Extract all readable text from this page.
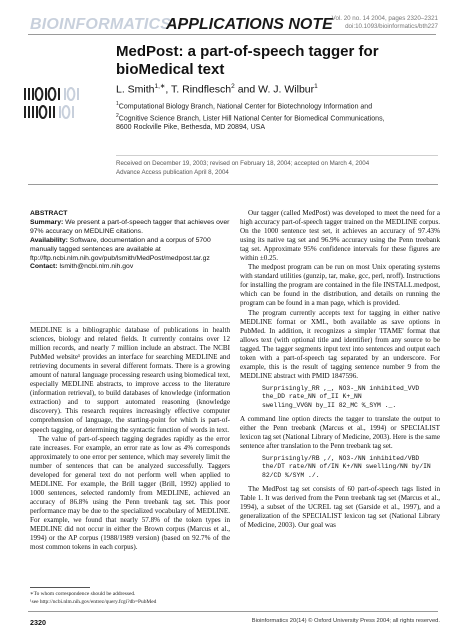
BIOINFORMATICS
APPLICATIONS NOTE
Vol. 20 no. 14 2004, pages 2320–2321
doi:10.1093/bioinformatics/bth227
MedPost: a part-of-speech tagger for
bioMedical text
L. Smith$^{1,∗}$, T. Rindflesch$^2$ and W. J. Wilbur$^1$
$^1$Computational Biology Branch, National Center for Biotechnology Information and
$^2$Cognitive Science Branch, Lister Hill National Center for Biomedical Communications,
8600 Rockville Pike, Bethesda, MD 20894, USA
Received on December 19, 2003; revised on February 18, 2004; accepted on March 4, 2004
Advance Access publication April 8, 2004

ABSTRACT

Summary: We present a part-of-speech tagger that achieves over 97% accuracy on MEDLINE citations.

Availability: Software, documentation and a corpus of 5700 manually tagged sentences are available at ftp://ftp.ncbi.nlm.nih.gov/pub/lsmith/MedPost/medpost.tar.gz

Contact: lsmith@ncbi.nlm.nih.gov

MEDLINE is a bibliographic database of publications in health sciences, biology and related fields. It currently contains over 12 million records, and nearly 7 million include an abstract. The NCBI PubMed website¹ provides an interface for searching MEDLINE and retrieving documents in several different formats. There is a growing amount of natural language processing research using biomedical text, especially MEDLINE abstracts, to improve access to the literature (information retrieval), to build databases of knowledge (information extraction) and to support automated reasoning (knowledge discovery). This research requires increasingly effective computer comprehension of language, the starting-point for which is part-of-speech tagging, or determining the syntactic function of words in text.

The value of part-of-speech tagging degrades rapidly as the error rate increases. For example, an error rate as low as 4% corresponds approximately to one error per sentence, which may severely limit the number of sentences that can be analyzed successfully. Taggers developed for general text do not perform well when applied to MEDLINE. For example, the Brill tagger (Brill, 1992) applied to 1000 sentences, selected randomly from MEDLINE, achieved an accuracy of 86.8% using the Penn treebank tag set. This poor performance may be due to the specialized vocabulary of MEDLINE. For example, we found that nearly 57.8% of the token types in MEDLINE did not occur in either the Brown corpus (Marcus et al., 1994) or the AP corpus (1988/1989 version) (based on 92.7% of the most common tokens in each corpus).

Our tagger (called MedPost) was developed to meet the need for a high accuracy part-of-speech tagger trained on the MEDLINE corpus. On the 1000 sentence test set, it achieves an accuracy of 97.43% using its native tag set and 96.9% accuracy using the Penn treebank tag set. Approximate 95% confidence intervals for these figures are within ±0.25.

The medpost program can be run on most Unix operating systems with standard utilities (gunzip, tar, make, gcc, perl, nroff). Instructions for installing the program are contained in the file INSTALL.medpost, which can be found in the distribution, and details on running the program can be found in a man page, which is provided.

The program currently accepts text for tagging in either native MEDLINE format or XML, both available as save options in PubMed. In addition, it recognizes a simpler 'ITAME' format that allows text (with optional title and identifier) from any source to be tagged. The tagger segments input text into sentences and output each token with a part-of-speech tag separated by an underscore. For example, this is the result of tagging sentence number 9 from the MEDLINE abstract with PMID 1847596.

Surprisingly_RR ,_, NO3-_NN inhibited_VVD
the_DD rate_NN of_II K+_NN
swelling_VVGN by_II 82_MC %_SYM ._.

A command line option directs the tagger to translate the output to either the Penn treebank (Marcus et al., 1994) or SPECIALIST lexicon tag set (National Library of Medicine, 2003). Here is the same sentence after translation to the Penn treebank tag set.

Surprisingly/RB ,/, NO3-/NN inhibited/VBD
the/DT rate/NN of/IN K+/NN swelling/NN by/IN
82/CD %/SYM ./.

The MedPost tag set consists of 60 part-of-speech tags listed in Table 1. It was derived from the Penn treebank tag set (Marcus et al., 1994), a subset of the UCREL tag set (Garside et al., 1997), and a generalization of the SPECIALIST lexicon tag set (National Library of Medicine, 2003). Our goal was

∗To whom correspondence should be addressed.
¹see http://ncbi.nlm.nih.gov/entrez/query.fcgi?db=PubMed
2320	Bioinformatics 20(14) © Oxford University Press 2004; all rights reserved.
